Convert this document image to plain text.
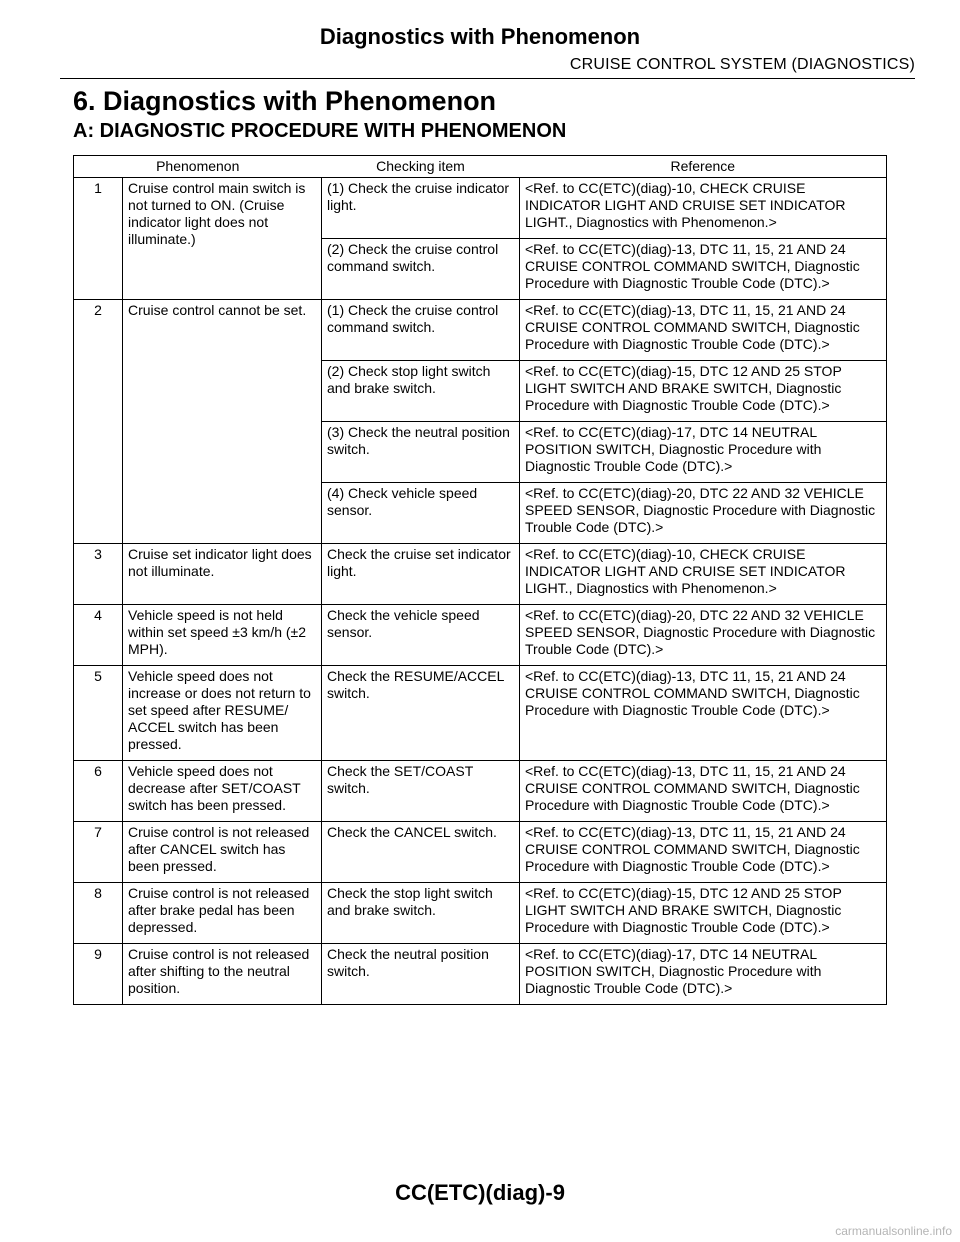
Diagnostics with Phenomenon
CRUISE CONTROL SYSTEM (DIAGNOSTICS)
6. Diagnostics with Phenomenon
A: DIAGNOSTIC PROCEDURE WITH PHENOMENON
Phenomenon		Checking item	Reference
1	Cruise control main switch is not turned to ON. (Cruise indicator light does not illuminate.)	(1) Check the cruise indicator light.	<Ref. to CC(ETC)(diag)-10, CHECK CRUISE INDICATOR LIGHT AND CRUISE SET INDICATOR LIGHT., Diagnostics with Phenomenon.>
		(2) Check the cruise control command switch.	<Ref. to CC(ETC)(diag)-13, DTC 11, 15, 21 AND 24 CRUISE CONTROL COMMAND SWITCH, Diagnostic Procedure with Diagnostic Trouble Code (DTC).>
2	Cruise control cannot be set.	(1) Check the cruise control command switch.	<Ref. to CC(ETC)(diag)-13, DTC 11, 15, 21 AND 24 CRUISE CONTROL COMMAND SWITCH, Diagnostic Procedure with Diagnostic Trouble Code (DTC).>
		(2) Check stop light switch and brake switch.	<Ref. to CC(ETC)(diag)-15, DTC 12 AND 25 STOP LIGHT SWITCH AND BRAKE SWITCH, Diagnostic Procedure with Diagnostic Trouble Code (DTC).>
		(3) Check the neutral position switch.	<Ref. to CC(ETC)(diag)-17, DTC 14 NEUTRAL POSITION SWITCH, Diagnostic Procedure with Diagnostic Trouble Code (DTC).>
		(4) Check vehicle speed sensor.	<Ref. to CC(ETC)(diag)-20, DTC 22 AND 32 VEHICLE SPEED SENSOR, Diagnostic Procedure with Diagnostic Trouble Code (DTC).>
3	Cruise set indicator light does not illuminate.	Check the cruise set indicator light.	<Ref. to CC(ETC)(diag)-10, CHECK CRUISE INDICATOR LIGHT AND CRUISE SET INDICATOR LIGHT., Diagnostics with Phenomenon.>
4	Vehicle speed is not held within set speed ±3 km/h (±2 MPH).	Check the vehicle speed sensor.	<Ref. to CC(ETC)(diag)-20, DTC 22 AND 32 VEHICLE SPEED SENSOR, Diagnostic Procedure with Diagnostic Trouble Code (DTC).>
5	Vehicle speed does not increase or does not return to set speed after RESUME/ ACCEL switch has been pressed.	Check the RESUME/ACCEL switch.	<Ref. to CC(ETC)(diag)-13, DTC 11, 15, 21 AND 24 CRUISE CONTROL COMMAND SWITCH, Diagnostic Procedure with Diagnostic Trouble Code (DTC).>
6	Vehicle speed does not decrease after SET/COAST switch has been pressed.	Check the SET/COAST switch.	<Ref. to CC(ETC)(diag)-13, DTC 11, 15, 21 AND 24 CRUISE CONTROL COMMAND SWITCH, Diagnostic Procedure with Diagnostic Trouble Code (DTC).>
7	Cruise control is not released after CANCEL switch has been pressed.	Check the CANCEL switch.	<Ref. to CC(ETC)(diag)-13, DTC 11, 15, 21 AND 24 CRUISE CONTROL COMMAND SWITCH, Diagnostic Procedure with Diagnostic Trouble Code (DTC).>
8	Cruise control is not released after brake pedal has been depressed.	Check the stop light switch and brake switch.	<Ref. to CC(ETC)(diag)-15, DTC 12 AND 25 STOP LIGHT SWITCH AND BRAKE SWITCH, Diagnostic Procedure with Diagnostic Trouble Code (DTC).>
9	Cruise control is not released after shifting to the neutral position.	Check the neutral position switch.	<Ref. to CC(ETC)(diag)-17, DTC 14 NEUTRAL POSITION SWITCH, Diagnostic Procedure with Diagnostic Trouble Code (DTC).>
CC(ETC)(diag)-9
carmanualsonline.info
